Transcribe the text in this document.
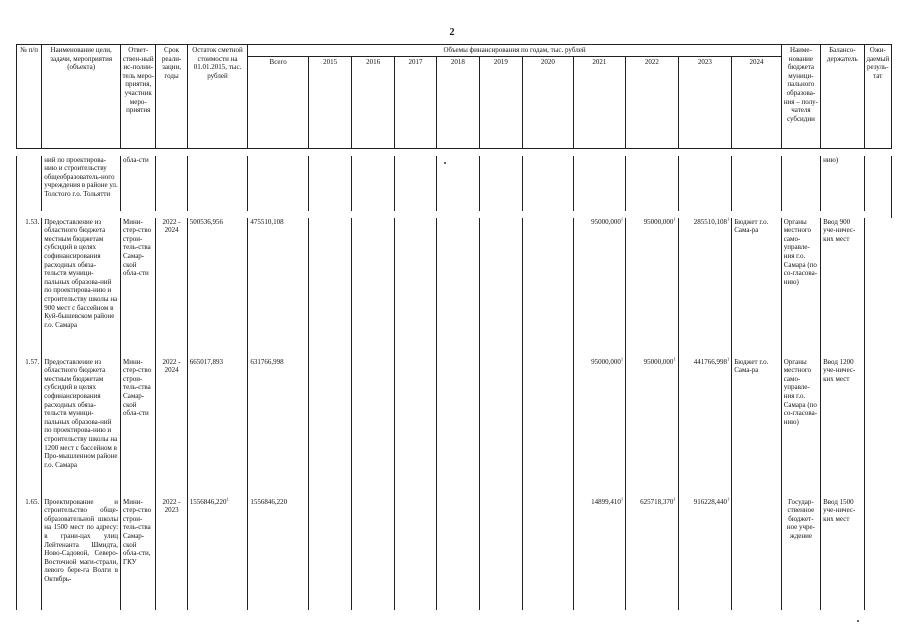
2
№ п/п	Наименование цели, задачи, мероприятия (объекта)	Ответ-ствен-ный ис-полни-тель меро-приятия, участник меро-приятия	Срок реали-зации, годы	Остаток сметной стоимости на 01.01.2015, тыс. рублей	Объемы финансирования по годам, тыс. рублей											Наиме-нование бюджета муници-пального образова-ния – полу-чателя субсидии	Балансо-держатель	Ожи-даемый резуль-тат
					Всего	2015	2016	2017	2018	2019	2020	2021	2022	2023	2024			

	ний по проектирова-нию и строительству общеобразователь-ного учреждения в районе ул. Толстого г.о. Тольятти	обла-сти															нию)	

1.53.	Предоставление из областного бюджета местным бюджетам субсидий в целях софинансирования расходных обяза-тельств муници-пальных образова-ний по проектирова-нию и строительству школы на 900 мест с бассейном в Куй-бышевском районе г.о. Самара	Мини-стер-ство строи-тель-ства Самар-ской обла-сти	2022 - 2024	500536,956	475510,108							95000,000$^1$	95000,000$^1$	285510,108$^1$	Бюджет г.о. Сама-ра	Органы местного само-управле-ния г.о. Самара (по со-гласова-нию)	Ввод 900 уче-ничес-ких мест	
1.57.	Предоставление из областного бюджета местным бюджетам субсидий в целях софинансирования расходных обяза-тельств муници-пальных образова-ний по проектирова-нию и строительству школы на 1200 мест с бассейном в Про-мышленном районе г.о. Самара	Мини-стер-ство строи-тель-ства Самар-ской обла-сти	2022 - 2024	665017,893	631766,998							95000,000$^1$	95000,000$^1$	441766,998$^1$	Бюджет г.о. Сама-ра	Органы местного само-управле-ния г.о. Самара (по со-гласова-нию)	Ввод 1200 уче-ничес-ких мест	
1.65.	Проектирование и строительство обще-образовательной школы на 1500 мест по адресу: в грани-цах улиц Лейтенанта Шмидта, Ново-Садовой, Северо-Восточной маги-страли, левого бере-га Волги в Октябрь-	Мини-стер-ство строи-тель-ства Самар-ской обла-сти, ГКУ	2022 - 2023	1556846,220$^1$	1556846,220							14899,410$^1$	625718,370$^1$	916228,440$^1$		Государ-ственное бюджет-ное учре-ждение	Ввод 1500 уче-ничес-ких мест	
